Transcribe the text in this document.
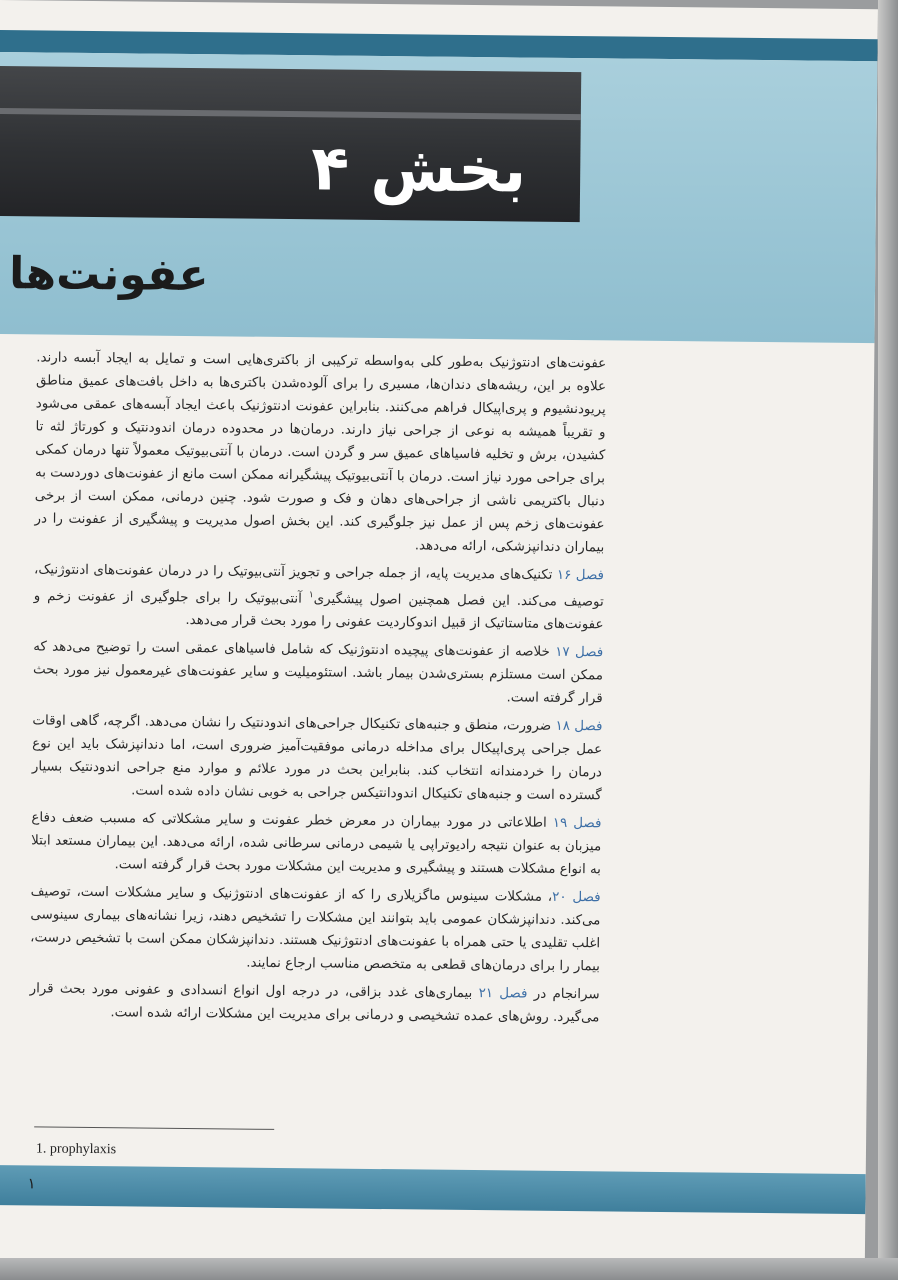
بخش ۴
عفونت‌ها

عفونت‌های ادنتوژنیک به‌طور کلی به‌واسطه ترکیبی از باکتری‌هایی است و تمایل به ایجاد آبسه دارند. علاوه بر این، ریشه‌های دندان‌ها، مسیری را برای آلوده‌شدن باکتری‌ها به داخل بافت‌های عمیق مناطق پریودنشیوم و پری‌اپیکال فراهم می‌کنند. بنابراین عفونت ادنتوژنیک باعث ایجاد آبسه‌های عمقی می‌شود و تقریباً همیشه به نوعی از جراحی نیاز دارند. درمان‌ها در محدوده درمان اندودنتیک و کورتاژ لثه تا کشیدن، برش و تخلیه فاسیاهای عمیق سر و گردن است. درمان با آنتی‌بیوتیک معمولاً تنها درمان کمکی برای جراحی مورد نیاز است. درمان با آنتی‌بیوتیک پیشگیرانه ممکن است مانع از عفونت‌های دوردست به دنبال باکتریمی ناشی از جراحی‌های دهان و فک و صورت شود. چنین درمانی، ممکن است از برخی عفونت‌های زخم پس از عمل نیز جلوگیری کند. این بخش اصول مدیریت و پیشگیری از عفونت را در بیماران دندانپزشکی، ارائه می‌دهد.

فصل ۱۶ تکنیک‌های مدیریت پایه، از جمله جراحی و تجویز آنتی‌بیوتیک را در درمان عفونت‌های ادنتوژنیک، توصیف می‌کند. این فصل همچنین اصول پیشگیری$^۱$ آنتی‌بیوتیک را برای جلوگیری از عفونت زخم و عفونت‌های متاستاتیک از قبیل اندوکاردیت عفونی را مورد بحث قرار می‌دهد.

فصل ۱۷ خلاصه از عفونت‌های پیچیده ادنتوژنیک که شامل فاسیاهای عمقی است را توضیح می‌دهد که ممکن است مستلزم بستری‌شدن بیمار باشد. استئومیلیت و سایر عفونت‌های غیرمعمول نیز مورد بحث قرار گرفته است.

فصل ۱۸ ضرورت، منطق و جنبه‌های تکنیکال جراحی‌های اندودنتیک را نشان می‌دهد. اگرچه، گاهی اوقات عمل جراحی پری‌اپیکال برای مداخله درمانی موفقیت‌آمیز ضروری است، اما دندانپزشک باید این نوع درمان را خردمندانه انتخاب کند. بنابراین بحث در مورد علائم و موارد منع جراحی اندودنتیک بسیار گسترده است و جنبه‌های تکنیکال اندودانتیکس جراحی به خوبی نشان داده شده است.

فصل ۱۹ اطلاعاتی در مورد بیماران در معرض خطر عفونت و سایر مشکلاتی که مسبب ضعف دفاع میزبان به عنوان نتیجه رادیوتراپی یا شیمی درمانی سرطانی شده، ارائه می‌دهد. این بیماران مستعد ابتلا به انواع مشکلات هستند و پیشگیری و مدیریت این مشکلات مورد بحث قرار گرفته است.

فصل ۲۰، مشکلات سینوس ماگزیلاری را که از عفونت‌های ادنتوژنیک و سایر مشکلات است، توصیف می‌کند. دندانپزشکان عمومی باید بتوانند این مشکلات را تشخیص دهند، زیرا نشانه‌های بیماری سینوسی اغلب تقلیدی یا حتی همراه با عفونت‌های ادنتوژنیک هستند. دندانپزشکان ممکن است با تشخیص درست، بیمار را برای درمان‌های قطعی به متخصص مناسب ارجاع نمایند.

سرانجام در فصل ۲۱ بیماری‌های غدد بزاقی، در درجه اول انواع انسدادی و عفونی مورد بحث قرار می‌گیرد. روش‌های عمده تشخیصی و درمانی برای مدیریت این مشکلات ارائه شده است.

1. prophylaxis
۱
